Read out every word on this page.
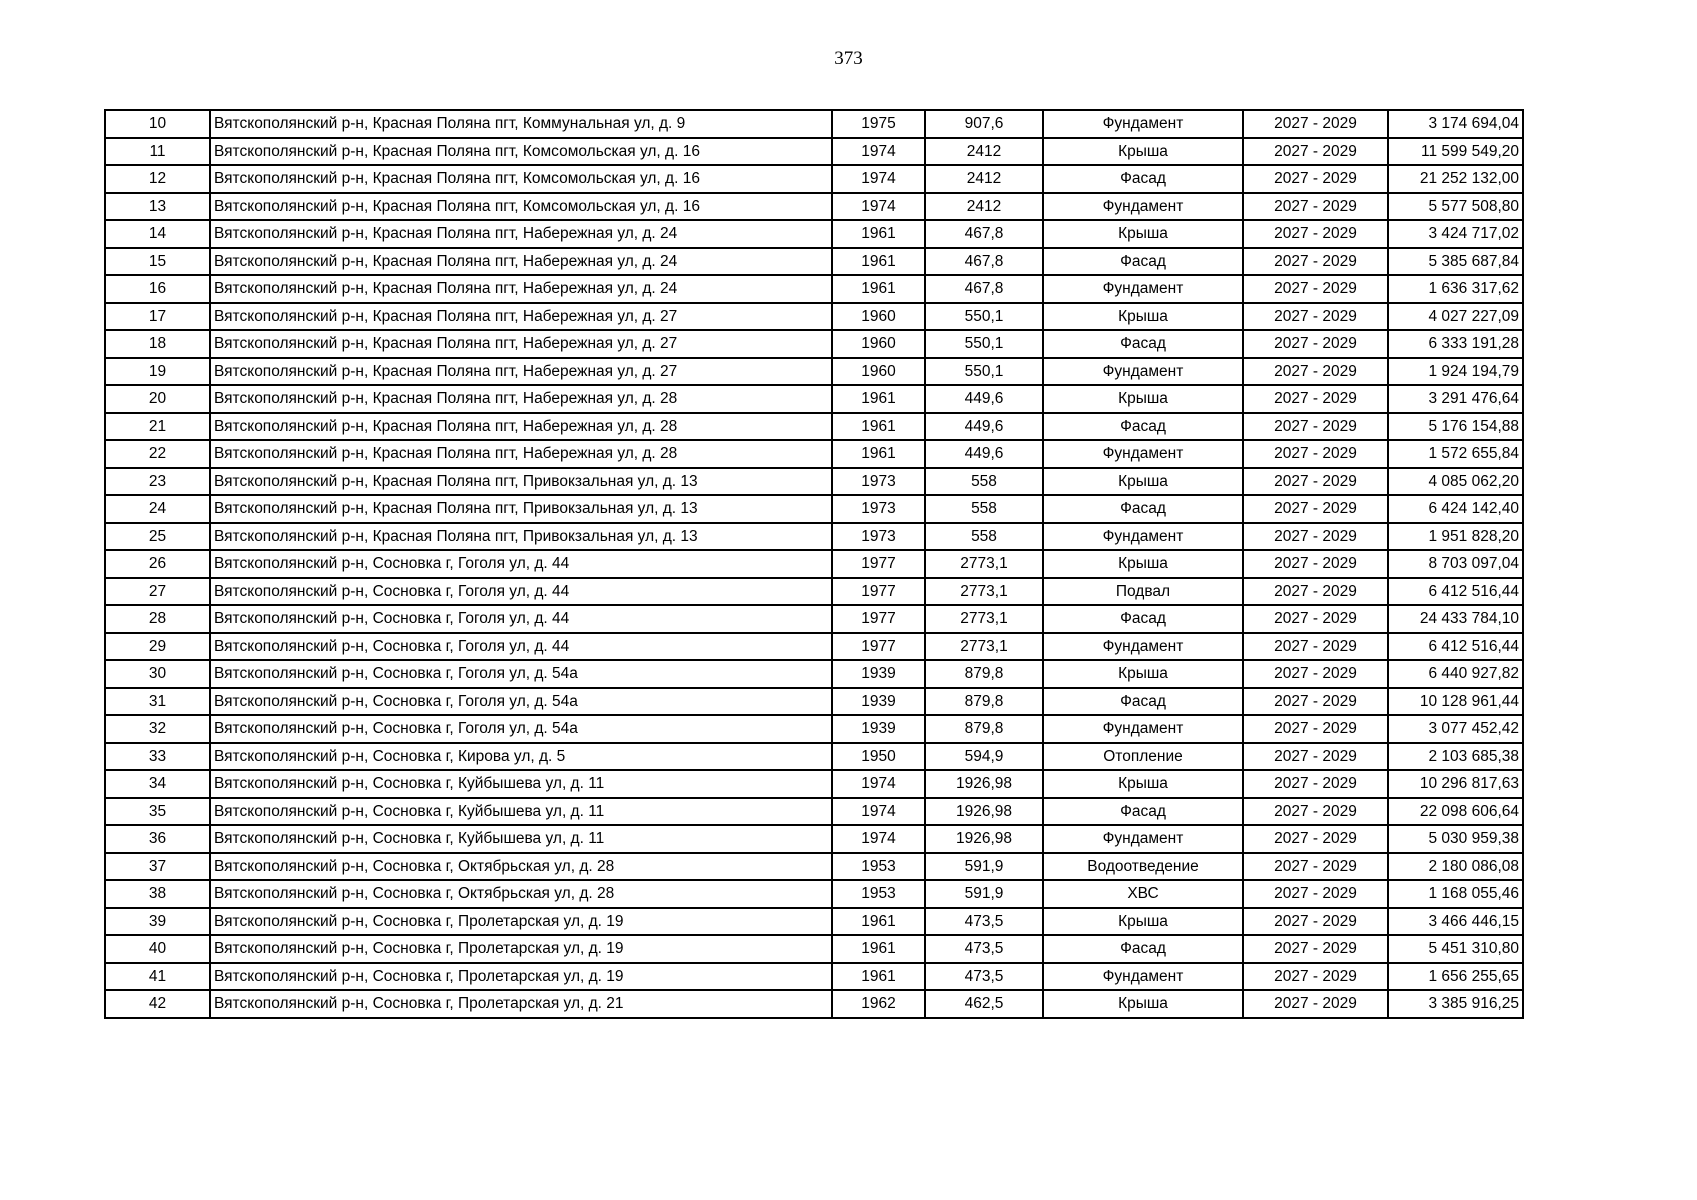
373
10	Вятскополянский р-н, Красная Поляна пгт, Коммунальная ул, д. 9	1975	907,6	Фундамент	2027 - 2029	3 174 694,04
11	Вятскополянский р-н, Красная Поляна пгт, Комсомольская ул, д. 16	1974	2412	Крыша	2027 - 2029	11 599 549,20
12	Вятскополянский р-н, Красная Поляна пгт, Комсомольская ул, д. 16	1974	2412	Фасад	2027 - 2029	21 252 132,00
13	Вятскополянский р-н, Красная Поляна пгт, Комсомольская ул, д. 16	1974	2412	Фундамент	2027 - 2029	5 577 508,80
14	Вятскополянский р-н, Красная Поляна пгт, Набережная ул, д. 24	1961	467,8	Крыша	2027 - 2029	3 424 717,02
15	Вятскополянский р-н, Красная Поляна пгт, Набережная ул, д. 24	1961	467,8	Фасад	2027 - 2029	5 385 687,84
16	Вятскополянский р-н, Красная Поляна пгт, Набережная ул, д. 24	1961	467,8	Фундамент	2027 - 2029	1 636 317,62
17	Вятскополянский р-н, Красная Поляна пгт, Набережная ул, д. 27	1960	550,1	Крыша	2027 - 2029	4 027 227,09
18	Вятскополянский р-н, Красная Поляна пгт, Набережная ул, д. 27	1960	550,1	Фасад	2027 - 2029	6 333 191,28
19	Вятскополянский р-н, Красная Поляна пгт, Набережная ул, д. 27	1960	550,1	Фундамент	2027 - 2029	1 924 194,79
20	Вятскополянский р-н, Красная Поляна пгт, Набережная ул, д. 28	1961	449,6	Крыша	2027 - 2029	3 291 476,64
21	Вятскополянский р-н, Красная Поляна пгт, Набережная ул, д. 28	1961	449,6	Фасад	2027 - 2029	5 176 154,88
22	Вятскополянский р-н, Красная Поляна пгт, Набережная ул, д. 28	1961	449,6	Фундамент	2027 - 2029	1 572 655,84
23	Вятскополянский р-н, Красная Поляна пгт, Привокзальная ул, д. 13	1973	558	Крыша	2027 - 2029	4 085 062,20
24	Вятскополянский р-н, Красная Поляна пгт, Привокзальная ул, д. 13	1973	558	Фасад	2027 - 2029	6 424 142,40
25	Вятскополянский р-н, Красная Поляна пгт, Привокзальная ул, д. 13	1973	558	Фундамент	2027 - 2029	1 951 828,20
26	Вятскополянский р-н, Сосновка г, Гоголя ул, д. 44	1977	2773,1	Крыша	2027 - 2029	8 703 097,04
27	Вятскополянский р-н, Сосновка г, Гоголя ул, д. 44	1977	2773,1	Подвал	2027 - 2029	6 412 516,44
28	Вятскополянский р-н, Сосновка г, Гоголя ул, д. 44	1977	2773,1	Фасад	2027 - 2029	24 433 784,10
29	Вятскополянский р-н, Сосновка г, Гоголя ул, д. 44	1977	2773,1	Фундамент	2027 - 2029	6 412 516,44
30	Вятскополянский р-н, Сосновка г, Гоголя ул, д. 54а	1939	879,8	Крыша	2027 - 2029	6 440 927,82
31	Вятскополянский р-н, Сосновка г, Гоголя ул, д. 54а	1939	879,8	Фасад	2027 - 2029	10 128 961,44
32	Вятскополянский р-н, Сосновка г, Гоголя ул, д. 54а	1939	879,8	Фундамент	2027 - 2029	3 077 452,42
33	Вятскополянский р-н, Сосновка г, Кирова ул, д. 5	1950	594,9	Отопление	2027 - 2029	2 103 685,38
34	Вятскополянский р-н, Сосновка г, Куйбышева ул, д. 11	1974	1926,98	Крыша	2027 - 2029	10 296 817,63
35	Вятскополянский р-н, Сосновка г, Куйбышева ул, д. 11	1974	1926,98	Фасад	2027 - 2029	22 098 606,64
36	Вятскополянский р-н, Сосновка г, Куйбышева ул, д. 11	1974	1926,98	Фундамент	2027 - 2029	5 030 959,38
37	Вятскополянский р-н, Сосновка г, Октябрьская ул, д. 28	1953	591,9	Водоотведение	2027 - 2029	2 180 086,08
38	Вятскополянский р-н, Сосновка г, Октябрьская ул, д. 28	1953	591,9	ХВС	2027 - 2029	1 168 055,46
39	Вятскополянский р-н, Сосновка г, Пролетарская ул, д. 19	1961	473,5	Крыша	2027 - 2029	3 466 446,15
40	Вятскополянский р-н, Сосновка г, Пролетарская ул, д. 19	1961	473,5	Фасад	2027 - 2029	5 451 310,80
41	Вятскополянский р-н, Сосновка г, Пролетарская ул, д. 19	1961	473,5	Фундамент	2027 - 2029	1 656 255,65
42	Вятскополянский р-н, Сосновка г, Пролетарская ул, д. 21	1962	462,5	Крыша	2027 - 2029	3 385 916,25
